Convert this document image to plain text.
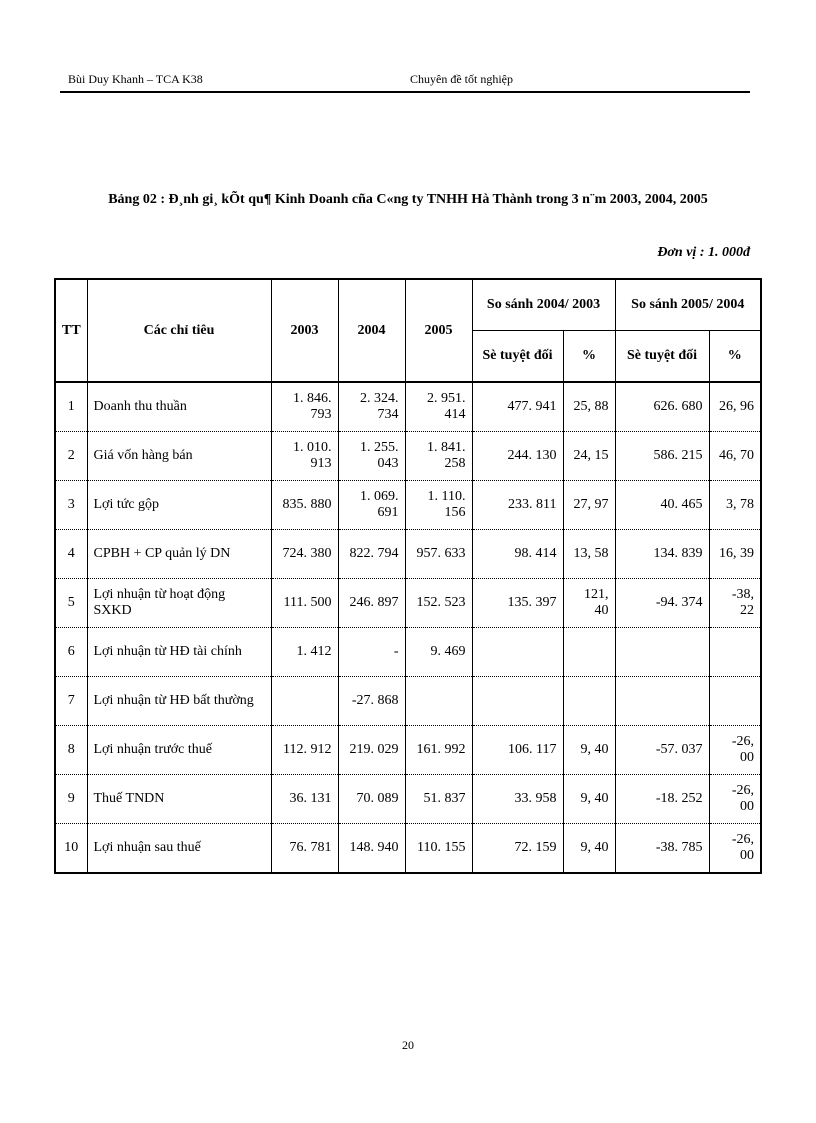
Bùi Duy Khanh – TCA K38	Chuyên đề tốt nghiệp
Bảng 02 : Đ¸nh gi¸ kÕt qu¶ Kinh Doanh cña C«ng ty TNHH Hà Thành trong 3 n¨m 2003, 2004, 2005
Đơn vị : 1. 000đ
TT	Các chỉ tiêu	2003	2004	2005	So sánh 2004/ 2003		So sánh 2005/ 2004	
					Sè tuyệt đối	%	Sè tuyệt đối	%
1	Doanh thu thuần	1. 846. 793	2. 324. 734	2. 951. 414	477. 941	25, 88	626. 680	26, 96
2	Giá vốn hàng bán	1. 010. 913	1. 255. 043	1. 841. 258	244. 130	24, 15	586. 215	46, 70
3	Lợi tức gộp	835. 880	1. 069. 691	1. 110. 156	233. 811	27, 97	40. 465	3, 78
4	CPBH + CP quản lý DN	724. 380	822. 794	957. 633	98. 414	13, 58	134. 839	16, 39
5	Lợi nhuận từ hoạt động SXKD	111. 500	246. 897	152. 523	135. 397	121, 40	-94. 374	-38, 22
6	Lợi nhuận từ HĐ tài chính	1. 412	-	9. 469				
7	Lợi nhuận từ HĐ bất thường		-27. 868					
8	Lợi nhuận trước thuế	112. 912	219. 029	161. 992	106. 117	9, 40	-57. 037	-26, 00
9	Thuế TNDN	36. 131	70. 089	51. 837	33. 958	9, 40	-18. 252	-26, 00
10	Lợi nhuận sau thuế	76. 781	148. 940	110. 155	72. 159	9, 40	-38. 785	-26, 00
20
